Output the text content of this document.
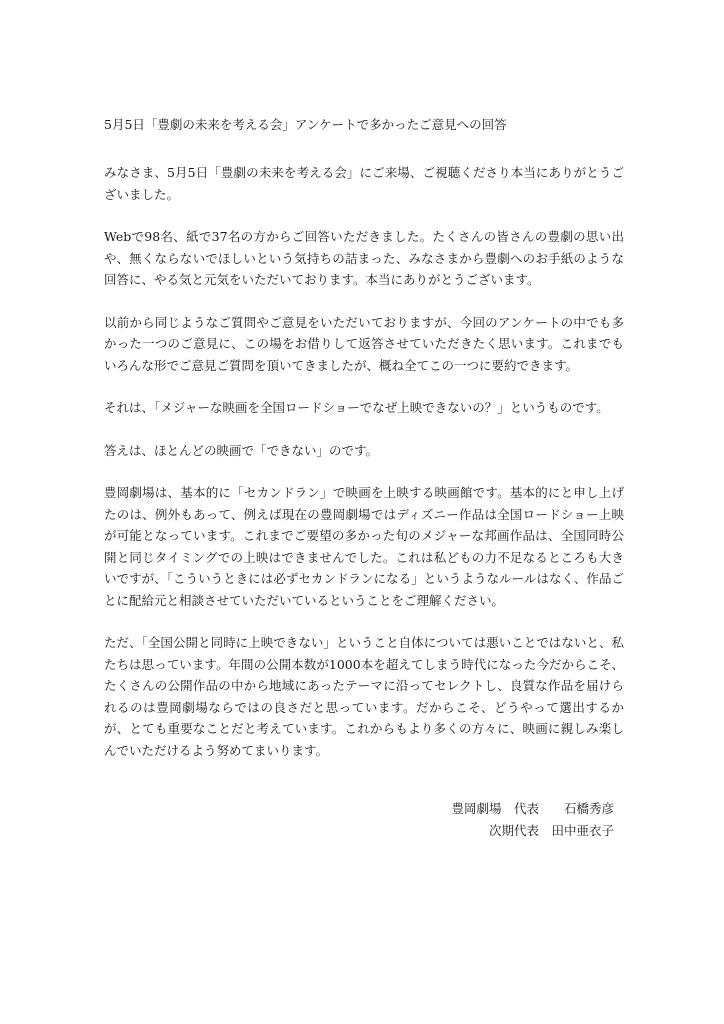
5月5日「豊劇の未来を考える会」アンケートで多かったご意見への回答

みなさま、5月5日「豊劇の未来を考える会」にご来場、ご視聴くださり本当にありがとうございました。

Webで98名、紙で37名の方からご回答いただきました。たくさんの皆さんの豊劇の思い出や、無くならないでほしいという気持ちの詰まった、みなさまから豊劇へのお手紙のような回答に、やる気と元気をいただいております。本当にありがとうございます。

以前から同じようなご質問やご意見をいただいておりますが、今回のアンケートの中でも多かった一つのご意見に、この場をお借りして返答させていただきたく思います。これまでもいろんな形でご意見ご質問を頂いてきましたが、概ね全てこの一つに要約できます。

それは、「メジャーな映画を全国ロードショーでなぜ上映できないの？」というものです。

答えは、ほとんどの映画で「できない」のです。

豊岡劇場は、基本的に「セカンドラン」で映画を上映する映画館です。基本的にと申し上げたのは、例外もあって、例えば現在の豊岡劇場ではディズニー作品は全国ロードショー上映が可能となっています。これまでご要望の多かった旬のメジャーな邦画作品は、全国同時公開と同じタイミングでの上映はできませんでした。これは私どもの力不足なるところも大きいですが、「こういうときには必ずセカンドランになる」というようなルールはなく、作品ごとに配給元と相談させていただいているということをご理解ください。

ただ、「全国公開と同時に上映できない」ということ自体については悪いことではないと、私たちは思っています。年間の公開本数が1000本を超えてしまう時代になった今だからこそ、たくさんの公開作品の中から地域にあったテーマに沿ってセレクトし、良質な作品を届けられるのは豊岡劇場ならではの良さだと思っています。だからこそ、どうやって選出するかが、とても重要なことだと考えています。これからもより多くの方々に、映画に親しみ楽しんでいただけるよう努めてまいります。

豊岡劇場　代表　　石橋秀彦
次期代表　田中亜衣子
